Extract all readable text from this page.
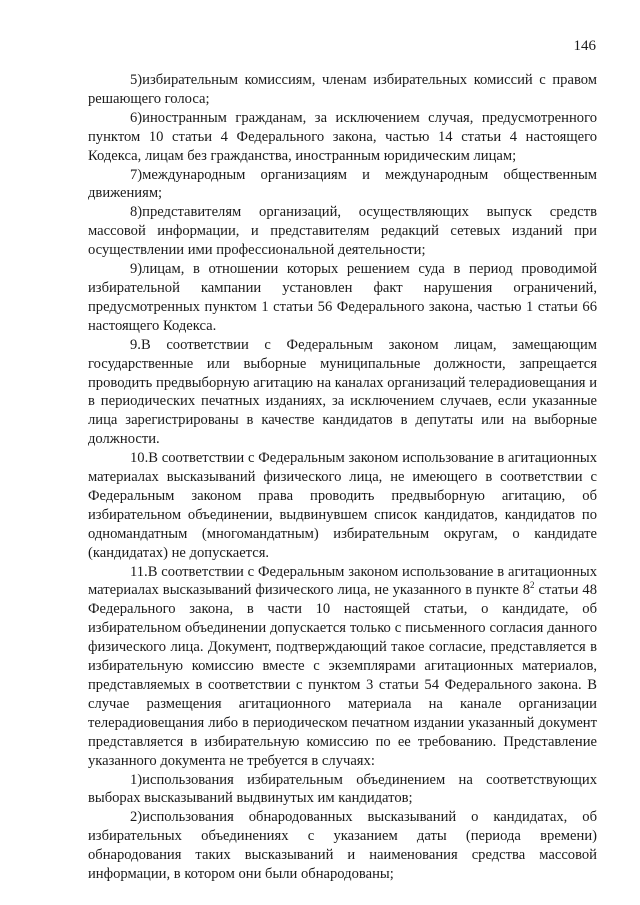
146

5)избирательным комиссиям, членам избирательных комиссий с правом решающего голоса;

6)иностранным гражданам, за исключением случая, предусмотренного пунктом 10 статьи 4 Федерального закона, частью 14 статьи 4 настоящего Кодекса, лицам без гражданства, иностранным юридическим лицам;

7)международным организациям и международным общественным движениям;

8)представителям организаций, осуществляющих выпуск средств массовой информации, и представителям редакций сетевых изданий при осуществлении ими профессиональной деятельности;

9)лицам, в отношении которых решением суда в период проводимой избирательной кампании установлен факт нарушения ограничений, предусмотренных пунктом 1 статьи 56 Федерального закона, частью 1 статьи 66 настоящего Кодекса.

9.В соответствии с Федеральным законом лицам, замещающим государственные или выборные муниципальные должности, запрещается проводить предвыборную агитацию на каналах организаций телерадиовещания и в периодических печатных изданиях, за исключением случаев, если указанные лица зарегистрированы в качестве кандидатов в депутаты или на выборные должности.

10.В соответствии с Федеральным законом использование в агитационных материалах высказываний физического лица, не имеющего в соответствии с Федеральным законом права проводить предвыборную агитацию, об избирательном объединении, выдвинувшем список кандидатов, кандидатов по одномандатным (многомандатным) избирательным округам, о кандидате (кандидатах) не допускается.

11.В соответствии с Федеральным законом использование в агитационных материалах высказываний физического лица, не указанного в пункте $8^2$ статьи 48 Федерального закона, в части 10 настоящей статьи, о кандидате, об избирательном объединении допускается только с письменного согласия данного физического лица. Документ, подтверждающий такое согласие, представляется в избирательную комиссию вместе с экземплярами агитационных материалов, представляемых в соответствии с пунктом 3 статьи 54 Федерального закона. В случае размещения агитационного материала на канале организации телерадиовещания либо в периодическом печатном издании указанный документ представляется в избирательную комиссию по ее требованию. Представление указанного документа не требуется в случаях:

1)использования избирательным объединением на соответствующих выборах высказываний выдвинутых им кандидатов;

2)использования обнародованных высказываний о кандидатах, об избирательных объединениях с указанием даты (периода времени) обнародования таких высказываний и наименования средства массовой информации, в котором они были обнародованы;
